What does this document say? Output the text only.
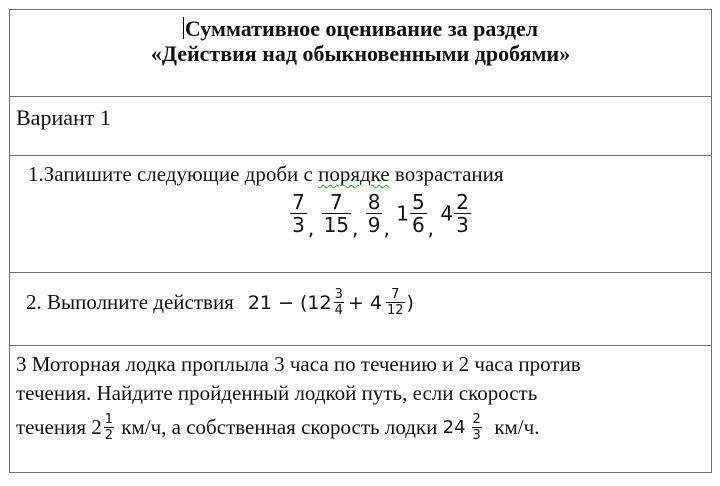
Суммативное оценивание за раздел
«Действия над обыкновенными дробями»

Вариант 1

1.Запишите следующие дроби с порядке возрастания
$\frac{7}{3}$ , $\frac{7}{15}$ , $\frac{8}{9}$ , $1 \frac{5}{6}$ , $4 \frac{2}{3}$

2. Выполните действия $21 - (12 \frac{3}{4} + 4 \frac{7}{12}$ )

3 Моторная лодка проплыла 3 часа по течению и 2 часа против
течения. Найдите пройденный лодкой путь, если скорость
течения $2 \frac{1}{2} км/ч$, а собственная скорость лодки $24 \frac{2}{3} км/ч$.
